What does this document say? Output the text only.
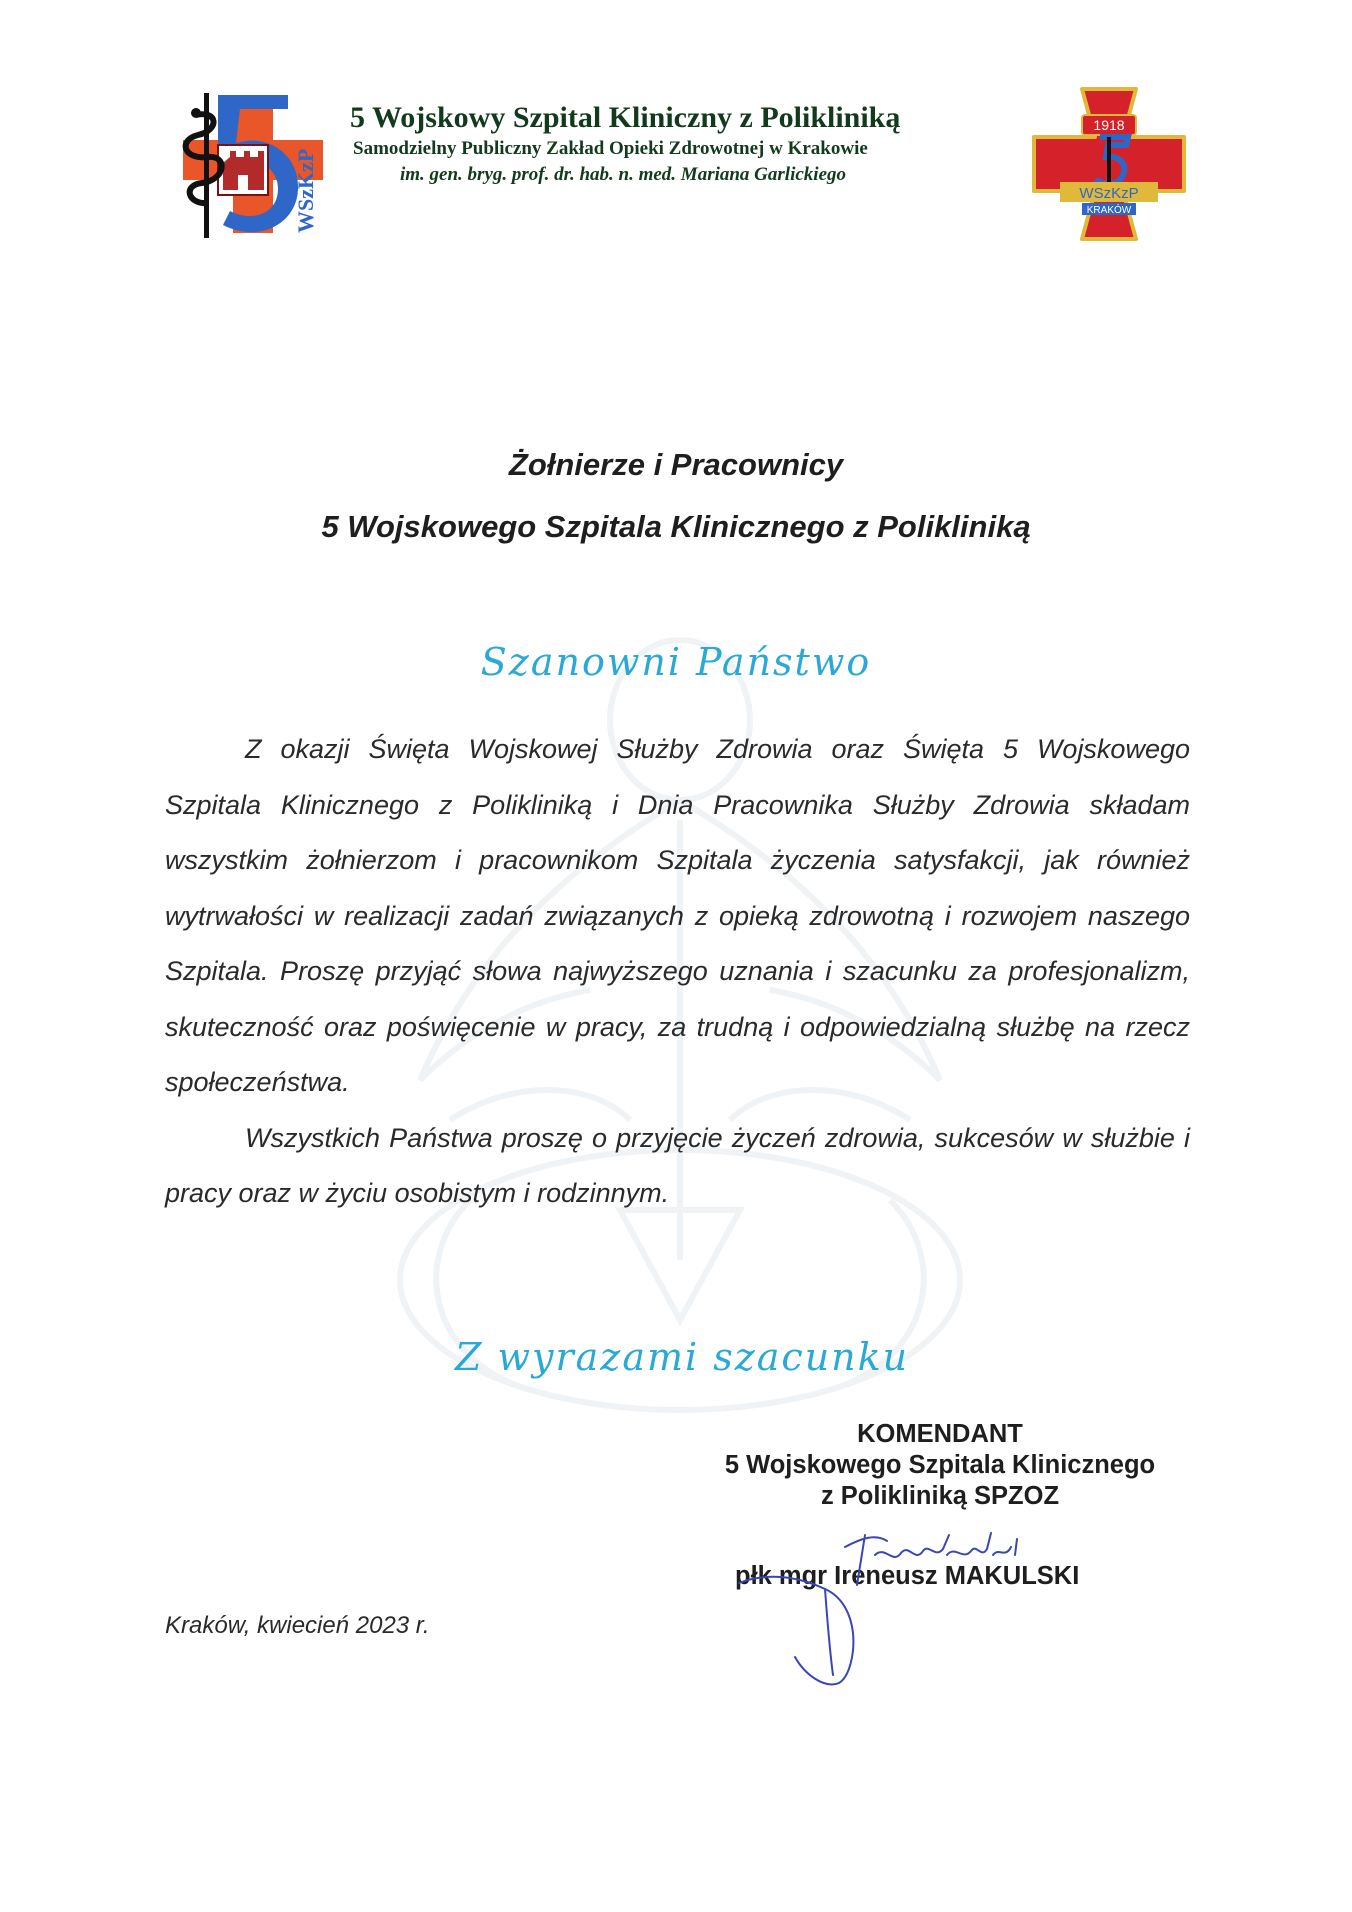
WSzKzP
5 Wojskowy Szpital Kliniczny z Polikliniką
Samodzielny Publiczny Zakład Opieki Zdrowotnej w Krakowie
im. gen. bryg. prof. dr. hab. n. med. Mariana Garlickiego
1918
WSzKzP
KRAKÓW
Żołnierze i Pracownicy
5 Wojskowego Szpitala Klinicznego z Polikliniką
Szanowni Państwo

Z okazji Święta Wojskowej Służby Zdrowia oraz Święta 5 Wojskowego Szpitala Klinicznego z Polikliniką i Dnia Pracownika Służby Zdrowia składam wszystkim żołnierzom i pracownikom Szpitala życzenia satysfakcji, jak również wytrwałości w realizacji zadań związanych z opieką zdrowotną i rozwojem naszego Szpitala. Proszę przyjąć słowa najwyższego uznania i szacunku za profesjonalizm, skuteczność oraz poświęcenie w pracy, za trudną i odpowiedzialną służbę na rzecz społeczeństwa.

Wszystkich Państwa proszę o przyjęcie życzeń zdrowia, sukcesów w służbie i pracy oraz w życiu osobistym i rodzinnym.

Z wyrazami szacunku
KOMENDANT
5 Wojskowego Szpitala Klinicznego
z Polikliniką SPZOZ
płk mgr Ireneusz MAKULSKI
Kraków, kwiecień 2023 r.
